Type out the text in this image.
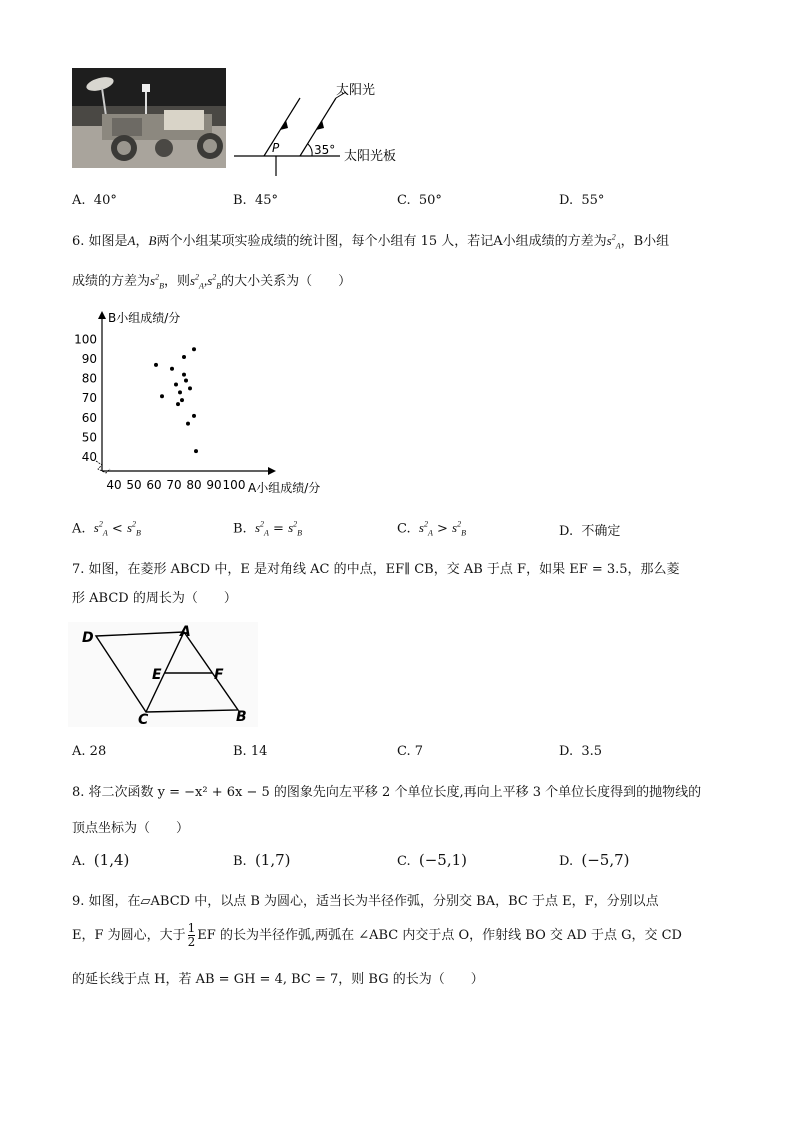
P	35°
太阳光
太阳光板
A. 40°	B. 45°	C. 50°	D. 55°
6. 如图是A，B两个小组某项实验成绩的统计图，每个小组有 15 人，若记A小组成绩的方差为$s^2_A$，B小组
成绩的方差为$s^2_B$，则$s^2_A,s^2_B$的大小关系为（　　）
B小组成绩/分
A小组成绩/分
40 50 60 70 80 90 100
40
50
60
70
80
90
100
A. $s^2_A < s^2_B$	B. $s^2_A = s^2_B$	C. $s^2_A > s^2_B$	D. 不确定
7. 如图，在菱形 ABCD 中，E 是对角线 AC 的中点，EF∥ CB，交 AB 于点 F，如果 EF = 3.5，那么菱
形 ABCD 的周长为（　　）
D	A
E	F
C	B
A. 28	B. 14	C. 7	D. 3.5
8. 将二次函数 y = −x² + 6x − 5 的图象先向左平移 2 个单位长度,再向上平移 3 个单位长度得到的抛物线的
顶点坐标为（　　）
A. (1,4)	B. (1,7)	C. (−5,1)	D. (−5,7)
9. 如图，在▱ABCD 中，以点 B 为圆心，适当长为半径作弧，分别交 BA，BC 于点 E，F，分别以点
E，F 为圆心，大于 $\frac{1}{2}$ EF 的长为半径作弧,两弧在 ∠ABC 内交于点 O，作射线 BO 交 AD 于点 G，交 CD
的延长线于点 H，若 AB = GH = 4, BC = 7，则 BG 的长为（　　）
